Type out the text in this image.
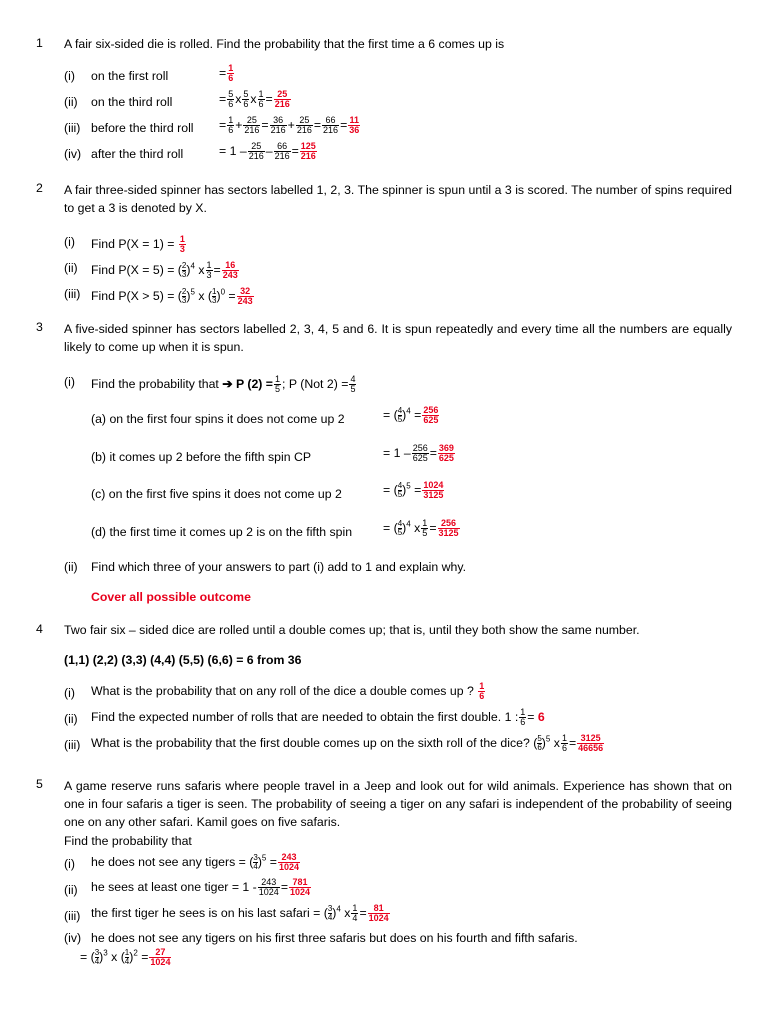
1 A fair six-sided die is rolled. Find the probability that the first time a 6 comes up is
(i) on the first roll	= $\frac{1}{6}$
(ii) on the third roll	= $\frac{5}{6}$ x $\frac{5}{6}$ x $\frac{1}{6} = \frac{25}{216}$
(iii) before the third roll = $\frac{1}{6} + \frac{25}{216} = \frac{36}{216} + \frac{25}{216} = \frac{66}{216} = \frac{11}{36}$
(iv) after the third roll	= $1 - \frac{25}{216} - \frac{66}{216} = \frac{125}{216}$
2 A fair three-sided spinner has sectors labelled 1, 2, 3. The spinner is spun until a 3 is scored. The number of spins required to get a 3 is denoted by X.
(i) Find $P(X = 1) = \frac{1}{3}$
(ii) Find P(X = 5) = ( $\frac{2}{3})^4$ x $\frac{1}{3} = \frac{16}{243}$
(iii) Find P(X > 5) = ( $\frac{2}{3})^5$ x ( $\frac{1}{3})^0 = \frac{32}{243}$
3 A five-sided spinner has sectors labelled 2, 3, 4, 5 and 6. It is spun repeatedly and every time all the numbers are equally likely to come up when it is spun.
(i) Find the probability that ➔ P $(2) = \frac{1}{5}$ ; P (Not $2) = \frac{4}{5}$
(a) on the first four spins it does not come up 2	= ( $\frac{4}{5})^4 = \frac{256}{625}$
(b) it comes up 2 before the fifth spin CP	= $1 - \frac{256}{625} = \frac{369}{625}$
(c) on the first five spins it does not come up 2	= ( $\frac{4}{5})^5 = \frac{1024}{3125}$
(d) the first time it comes up 2 is on the fifth spin	= ( $\frac{4}{5})^4$ x $\frac{1}{5} = \frac{256}{3125}$
(ii) Find which three of your answers to part (i) add to 1 and explain why.
Cover all possible outcome
4 Two fair six – sided dice are rolled until a double comes up; that is, until they both show the same number.
(1,1) (2,2) (3,3) (4,4) (5,5) (6,6) = 6 from 36
(i) What is the probability that on any roll of the dice a double comes up ? $\frac{1}{6}$
(ii) Find the expected number of rolls that are needed to obtain the first double. 1 : $\frac{1}{6} = 6$
(iii) What is the probability that the first double comes up on the sixth roll of the dice? ( $\frac{5}{6})^5$ x $\frac{1}{6} = \frac{3125}{46656}$
5 A game reserve runs safaris where people travel in a Jeep and look out for wild animals. Experience has shown that on one in four safaris a tiger is seen. The probability of seeing a tiger on any safari is independent of the probability of seeing one on any other safari. Kamil goes on five safaris.
Find the probability that
(i) he does not see any tigers = ( $\frac{3}{4})^5 = \frac{243}{1024}$
(ii) he sees at least one tiger = $1 - \frac{243}{1024} = \frac{781}{1024}$
(iii) the first tiger he sees is on his last safari = ( $\frac{3}{4})^4$ x $\frac{1}{4} = \frac{81}{1024}$
(iv) he does not see any tigers on his first three safaris but does on his fourth and fifth safaris.
= ( $\frac{3}{4})^3$ x ( $\frac{1}{4})^2 = \frac{27}{1024}$
